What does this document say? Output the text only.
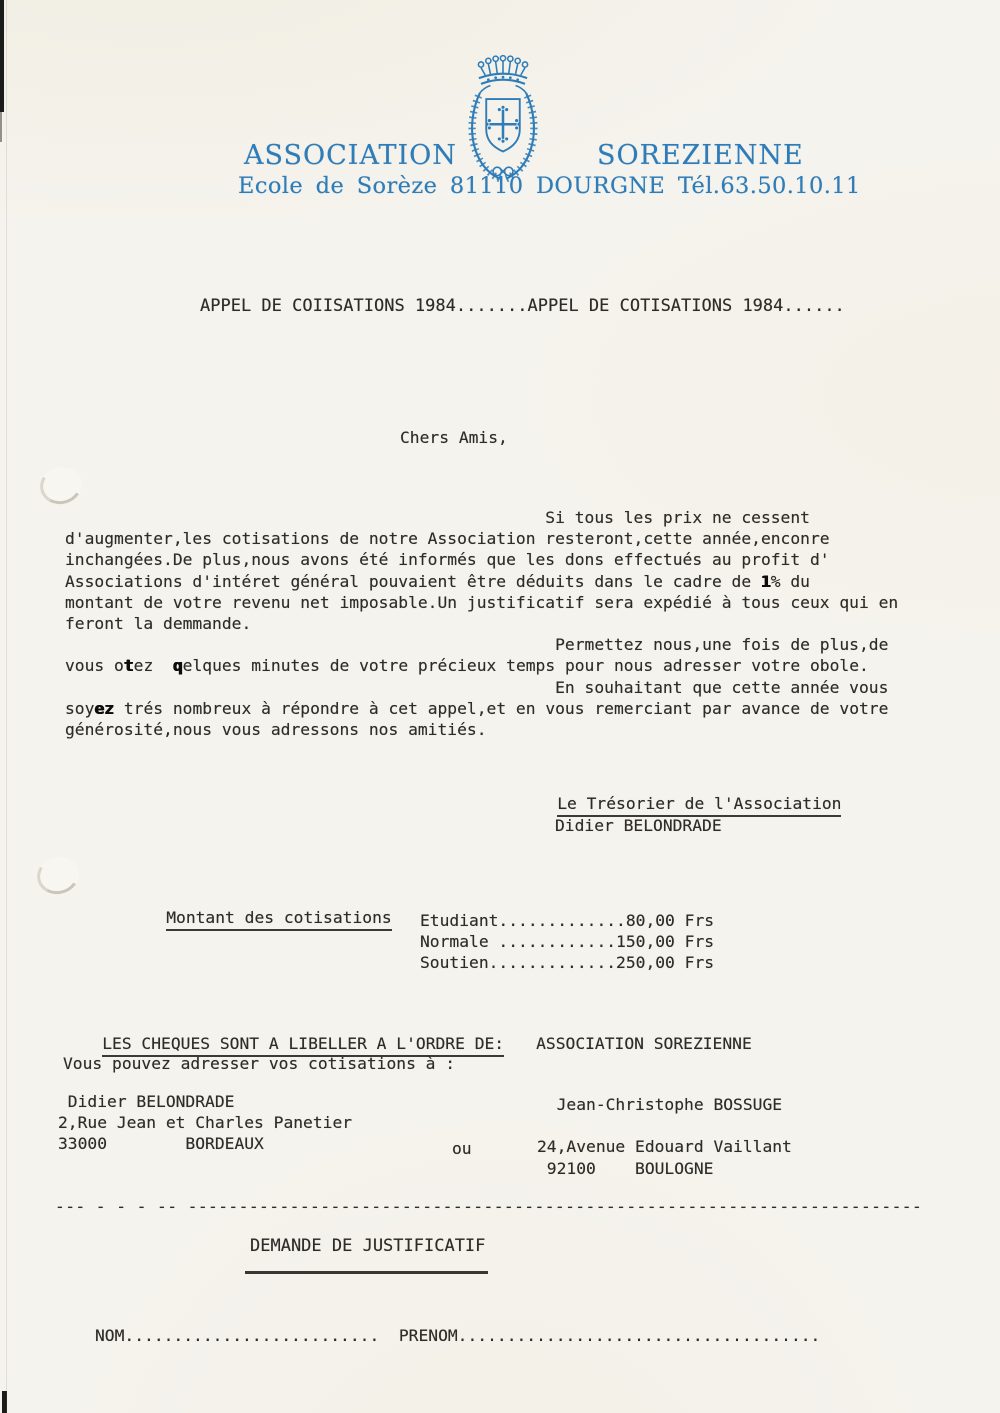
ASSOCIATION	SOREZIENNE
Ecole de Sorèze 81110 DOURGNE Tél.63.50.10.11
APPEL DE COIISATIONS 1984.......APPEL DE COTISATIONS 1984......
Chers Amis,
Si tous les prix ne cessent
d'augmenter,les cotisations de notre Association resteront,cette année,enconre
inchangées.De plus,nous avons été informés que les dons effectués au profit d'
Associations d'intéret général pouvaient être déduits dans le cadre de 1% du
montant de votre revenu net imposable.Un justificatif sera expédié à tous ceux qui en
feront la demmande.
Permettez nous,une fois de plus,de
vous otez  qelques minutes de votre précieux temps pour nous adresser votre obole.
En souhaitant que cette année vous
soyez trés nombreux à répondre à cet appel,et en vous remerciant par avance de votre
générosité,nous vous adressons nos amitiés.

Le Trésorier de l'Association

Didier BELONDRADE

Montant des cotisations
Etudiant.............80,00 Frs
Normale ............150,00 Frs
Soutien.............250,00 Frs

LES CHEQUES SONT A LIBELLER A L'ORDRE DE: ASSOCIATION SOREZIENNE

Vous pouvez adresser vos cotisations à :
Didier BELONDRADE
2,Rue Jean et Charles Panetier
33000        BORDEAUX	ou
Jean-Christophe BOSSUGE

24,Avenue Edouard Vaillant
92100    BOULOGNE
--- - - - -- ------------------------------------------------------------------------
DEMANDE DE JUSTIFICATIF
NOM..........................  PRENOM.....................................
